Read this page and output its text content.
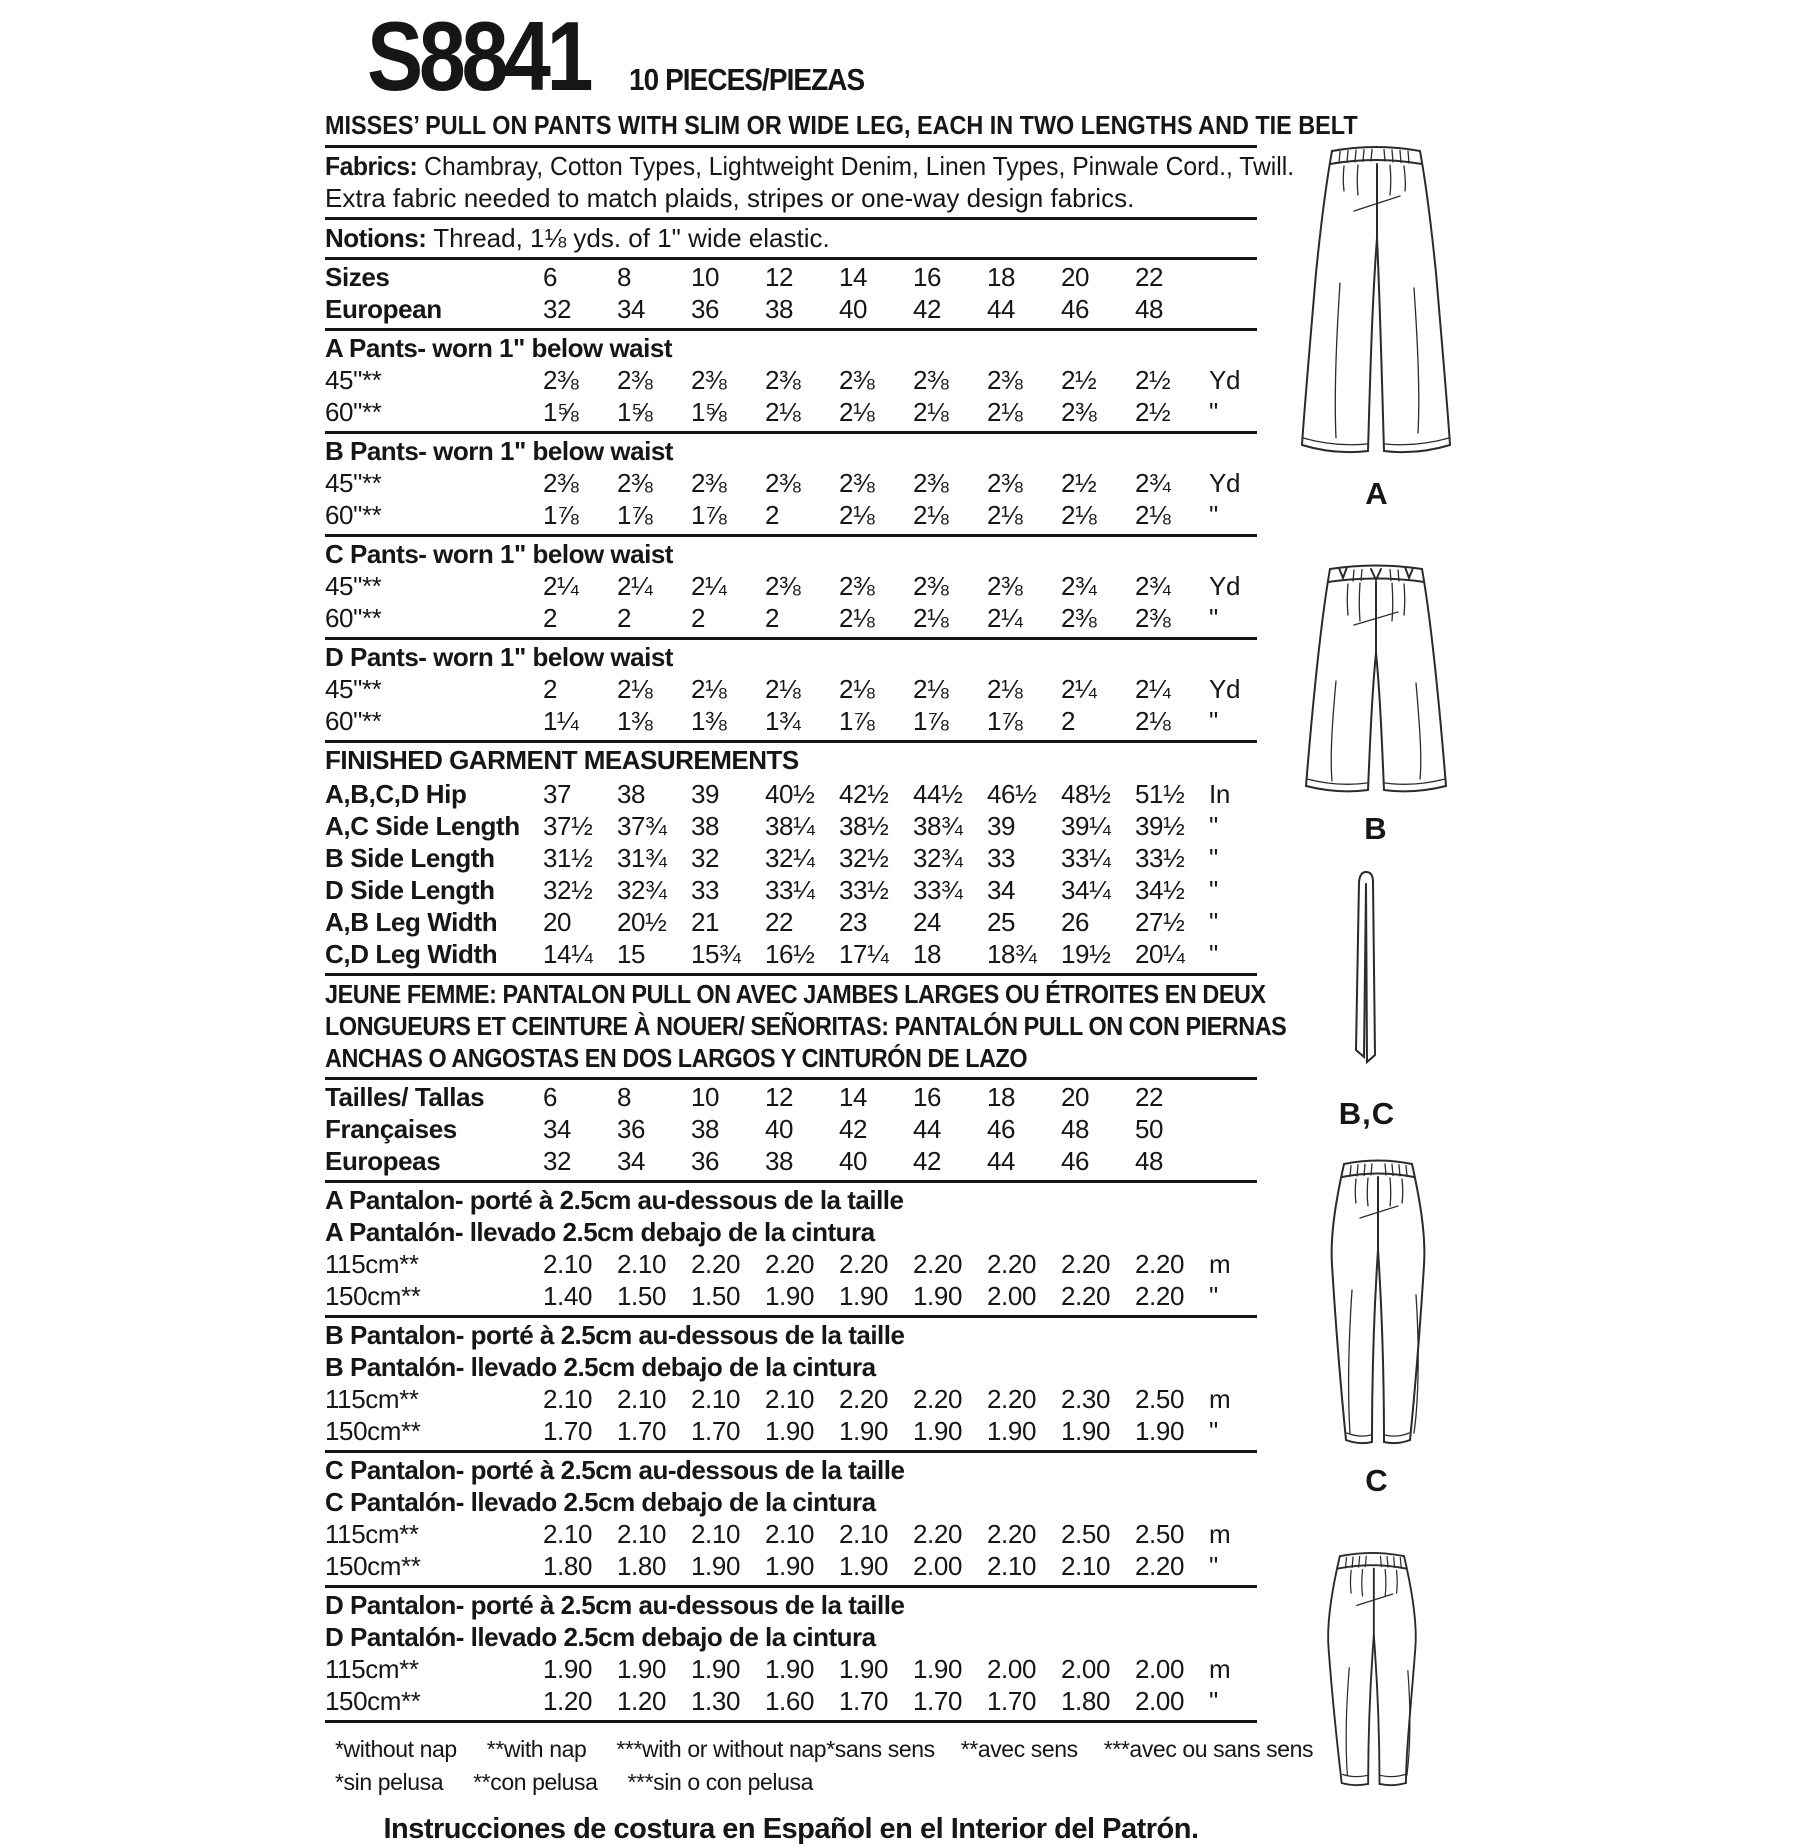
S8841 10 PIECES/PIEZAS
MISSES’ PULL ON PANTS WITH SLIM OR WIDE LEG, EACH IN TWO LENGTHS AND TIE BELT
Fabrics: Chambray, Cotton Types, Lightweight Denim, Linen Types, Pinwale Cord., Twill.
Extra fabric needed to match plaids, stripes or one-way design fabrics.
Notions: Thread, 1⅛ yds. of 1" wide elastic.
Sizes	6	8	10	12	14	16	18	20	22
European	32	34	36	38	40	42	44	46	48
A Pants- worn 1" below waist
45"**	2⅜	2⅜	2⅜	2⅜	2⅜	2⅜	2⅜	2½	2½	Yd
60"**	1⅝	1⅝	1⅝	2⅛	2⅛	2⅛	2⅛	2⅜	2½	"
B Pants- worn 1" below waist
45"**	2⅜	2⅜	2⅜	2⅜	2⅜	2⅜	2⅜	2½	2¾	Yd
60"**	1⅞	1⅞	1⅞	2	2⅛	2⅛	2⅛	2⅛	2⅛	"
C Pants- worn 1" below waist
45"**	2¼	2¼	2¼	2⅜	2⅜	2⅜	2⅜	2¾	2¾	Yd
60"**	2	2	2	2	2⅛	2⅛	2¼	2⅜	2⅜	"
D Pants- worn 1" below waist
45"**	2	2⅛	2⅛	2⅛	2⅛	2⅛	2⅛	2¼	2¼	Yd
60"**	1¼	1⅜	1⅜	1¾	1⅞	1⅞	1⅞	2	2⅛	"
FINISHED GARMENT MEASUREMENTS
A,B,C,D Hip	37	38	39	40½ 42½ 44½ 46½ 48½ 51½ In
A,C Side Length 37½ 37¾ 38	38¼ 38½ 38¾ 39	39¼ 39½ "
B Side Length	31½ 31¾ 32	32¼ 32½ 32¾ 33	33¼ 33½ "
D Side Length	32½ 32¾ 33	33¼ 33½ 33¾ 34	34¼ 34½ "
A,B Leg Width	20	20½ 21	22	23	24	25	26	27½ "
C,D Leg Width	14¼ 15	15¾ 16½ 17¼ 18	18¾ 19½ 20¼ "
JEUNE FEMME: PANTALON PULL ON AVEC JAMBES LARGES OU ÉTROITES EN DEUX
LONGUEURS ET CEINTURE À NOUER/ SEÑORITAS: PANTALÓN PULL ON CON PIERNAS
ANCHAS O ANGOSTAS EN DOS LARGOS Y CINTURÓN DE LAZO
Tailles/ Tallas	6	8	10	12	14	16	18	20	22
Françaises	34	36	38	40	42	44	46	48	50
Europeas	32	34	36	38	40	42	44	46	48
A Pantalon- porté à 2.5cm au-dessous de la taille
A Pantalón- llevado 2.5cm debajo de la cintura
115cm**	2.10 2.10 2.20 2.20 2.20 2.20 2.20 2.20 2.20 m
150cm**	1.40 1.50 1.50 1.90 1.90 1.90 2.00 2.20 2.20 "
B Pantalon- porté à 2.5cm au-dessous de la taille
B Pantalón- llevado 2.5cm debajo de la cintura
115cm**	2.10 2.10 2.10 2.10 2.20 2.20 2.20 2.30 2.50 m
150cm**	1.70 1.70 1.70 1.90 1.90 1.90 1.90 1.90 1.90 "
C Pantalon- porté à 2.5cm au-dessous de la taille
C Pantalón- llevado 2.5cm debajo de la cintura
115cm**	2.10 2.10 2.10 2.10 2.10 2.20 2.20 2.50 2.50 m
150cm**	1.80 1.80 1.90 1.90 1.90 2.00 2.10 2.10 2.20 "
D Pantalon- porté à 2.5cm au-dessous de la taille
D Pantalón- llevado 2.5cm debajo de la cintura
115cm**	1.90 1.90 1.90 1.90 1.90 1.90 2.00 2.00 2.00 m
150cm**	1.20 1.20 1.30 1.60 1.70 1.70 1.70 1.80 2.00 "
*without nap **with nap ***with or without nap *sans sens **avec sens ***avec ou sans sens
*sin pelusa **con pelusa ***sin o con pelusa
Instrucciones de costura en Español en el Interior del Patrón.
A
B
B,C
C
